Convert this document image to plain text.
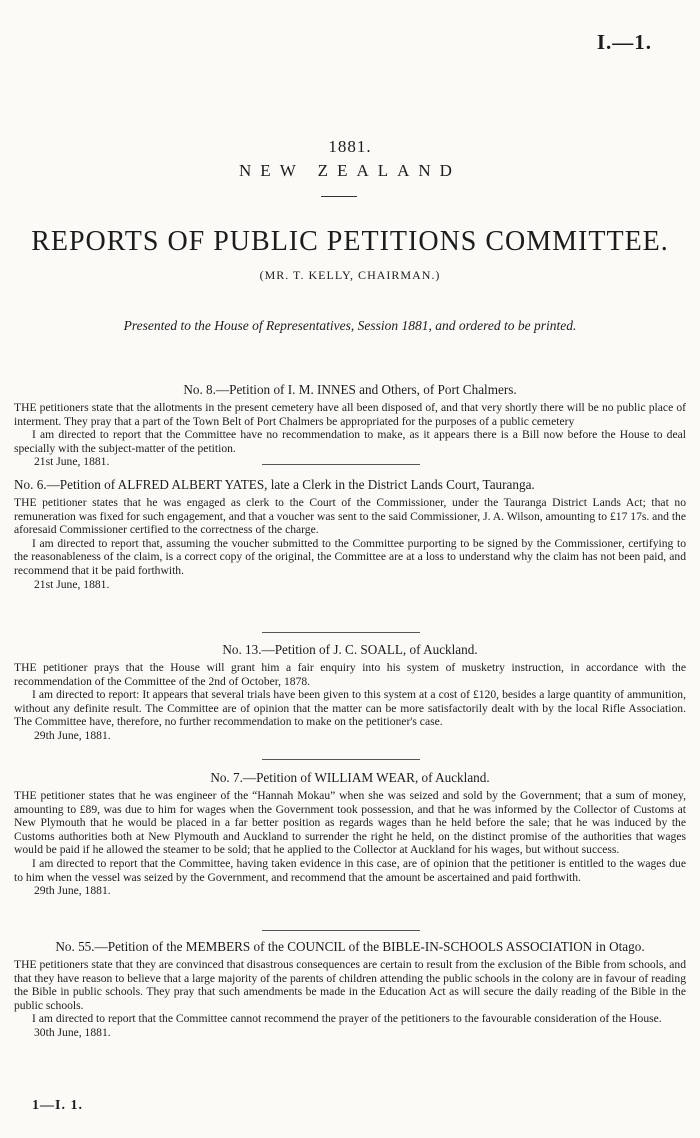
I.—1.
1881.
NEW ZEALAND
REPORTS OF PUBLIC PETITIONS COMMITTEE.
(MR. T. KELLY, CHAIRMAN.)
Presented to the House of Representatives, Session 1881, and ordered to be printed.

No. 8.—Petition of I. M. INNES and Others, of Port Chalmers.

THE petitioners state that the allotments in the present cemetery have all been disposed of, and that very shortly there will be no public place of interment. They pray that a part of the Town Belt of Port Chalmers be appropriated for the purposes of a public cemetery

I am directed to report that the Committee have no recommendation to make, as it appears there is a Bill now before the House to deal specially with the subject-matter of the petition.

21st June, 1881.

No. 6.—Petition of ALFRED ALBERT YATES, late a Clerk in the District Lands Court, Tauranga.

THE petitioner states that he was engaged as clerk to the Court of the Commissioner, under the Tauranga District Lands Act; that no remuneration was fixed for such engagement, and that a voucher was sent to the said Commissioner, J. A. Wilson, amounting to £17 17s. and the aforesaid Commissioner certified to the correctness of the charge.

I am directed to report that, assuming the voucher submitted to the Committee purporting to be signed by the Commissioner, certifying to the reasonableness of the claim, is a correct copy of the original, the Committee are at a loss to understand why the claim has not been paid, and recommend that it be paid forthwith.

21st June, 1881.

No. 13.—Petition of J. C. SOALL, of Auckland.

THE petitioner prays that the House will grant him a fair enquiry into his system of musketry instruction, in accordance with the recommendation of the Committee of the 2nd of October, 1878.

I am directed to report: It appears that several trials have been given to this system at a cost of £120, besides a large quantity of ammunition, without any definite result. The Committee are of opinion that the matter can be more satisfactorily dealt with by the local Rifle Association. The Committee have, therefore, no further recommendation to make on the petitioner's case.

29th June, 1881.

No. 7.—Petition of WILLIAM WEAR, of Auckland.

THE petitioner states that he was engineer of the “Hannah Mokau” when she was seized and sold by the Government; that a sum of money, amounting to £89, was due to him for wages when the Government took possession, and that he was informed by the Collector of Customs at New Plymouth that he would be placed in a far better position as regards wages than he held before the sale; that he was induced by the Customs authorities both at New Plymouth and Auckland to surrender the right he held, on the distinct promise of the authorities that wages would be paid if he allowed the steamer to be sold; that he applied to the Collector at Auckland for his wages, but without success.

I am directed to report that the Committee, having taken evidence in this case, are of opinion that the petitioner is entitled to the wages due to him when the vessel was seized by the Government, and recommend that the amount be ascertained and paid forthwith.

29th June, 1881.

No. 55.—Petition of the MEMBERS of the COUNCIL of the BIBLE-IN-SCHOOLS ASSOCIATION in Otago.

THE petitioners state that they are convinced that disastrous consequences are certain to result from the exclusion of the Bible from schools, and that they have reason to believe that a large majority of the parents of children attending the public schools in the colony are in favour of reading the Bible in public schools. They pray that such amendments be made in the Education Act as will secure the daily reading of the Bible in the public schools.

I am directed to report that the Committee cannot recommend the prayer of the petitioners to the favourable consideration of the House.

30th June, 1881.

1—I. 1.
